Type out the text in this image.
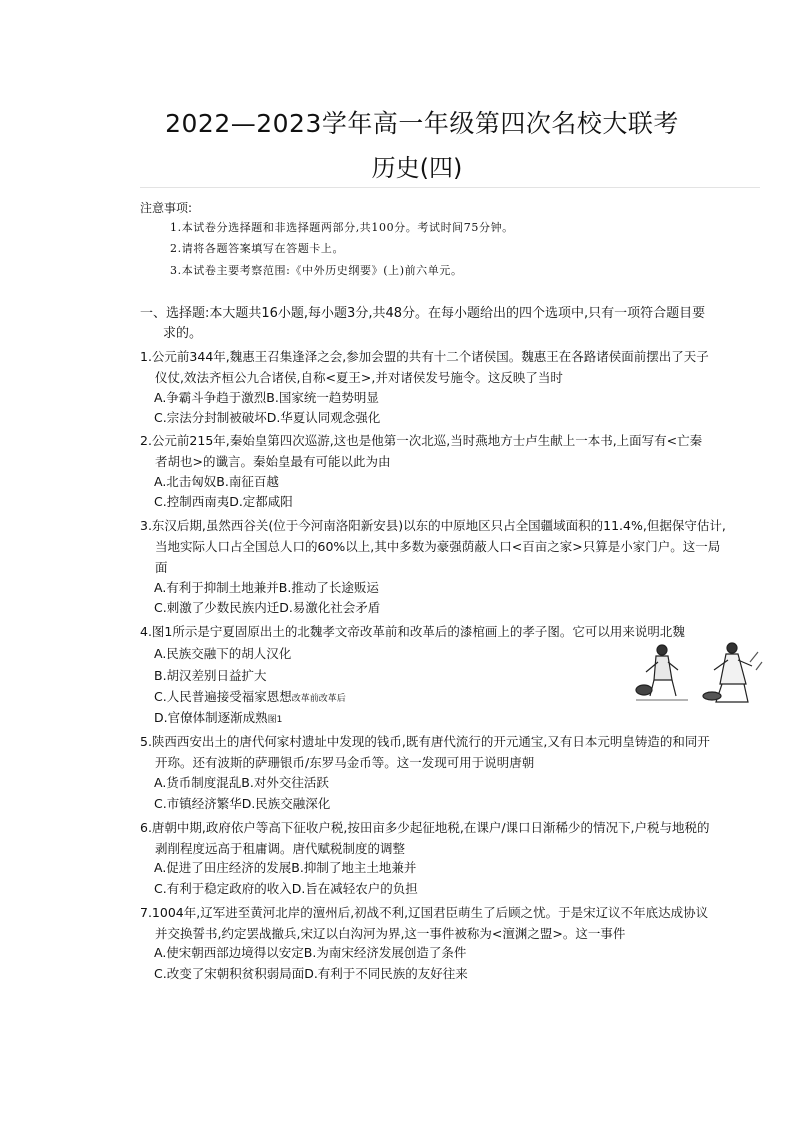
2022—2023学年高一年级第四次名校大联考
历史(四)
注意事项:
1.本试卷分选择题和非选择题两部分,共100分。考试时间75分钟。
2.请将各题答案填写在答题卡上。
3.本试卷主要考察范围:《中外历史纲要》(上)前六单元。
一、选择题:本大题共16小题,每小题3分,共48分。在每小题给出的四个选项中,只有一项符合题目要
求的。
1.公元前344年,魏惠王召集逢泽之会,参加会盟的共有十二个诸侯国。魏惠王在各路诸侯面前摆出了天子
仪仗,效法齐桓公九合诸侯,自称<夏王>,并对诸侯发号施令。这反映了当时
A.争霸斗争趋于激烈B.国家统一趋势明显
C.宗法分封制被破坏D.华夏认同观念强化
2.公元前215年,秦始皇第四次巡游,这也是他第一次北巡,当时燕地方士卢生献上一本书,上面写有<亡秦
者胡也>的谶言。秦始皇最有可能以此为由
A.北击匈奴B.南征百越
C.控制西南夷D.定都咸阳
3.东汉后期,虽然西谷关(位于今河南洛阳新安县)以东的中原地区只占全国疆域面积的11.4%,但据保守估计,
当地实际人口占全国总人口的60%以上,其中多数为豪强荫蔽人口<百亩之家>只算是小家门户。这一局
面
A.有利于抑制土地兼并B.推动了长途贩运
C.刺激了少数民族内迁D.易激化社会矛盾
4.图1所示是宁夏固原出土的北魏孝文帝改革前和改革后的漆棺画上的孝子图。它可以用来说明北魏
A.民族交融下的胡人汉化
B.胡汉差别日益扩大
C.人民普遍接受福家恩想改革前改革后
D.官僚体制逐渐成熟图1
5.陕西西安出土的唐代何家村遗址中发现的钱币,既有唐代流行的开元通宝,又有日本元明皇铸造的和同开
开珎。还有波斯的萨珊银币/东罗马金币等。这一发现可用于说明唐朝
A.货币制度混乱B.对外交往活跃
C.市镇经济繁华D.民族交融深化
6.唐朝中期,政府依户等高下征收户税,按田亩多少起征地税,在课户/课口日渐稀少的情况下,户税与地税的
剥削程度远高于租庸调。唐代赋税制度的调整
A.促进了田庄经济的发展B.抑制了地主土地兼并
C.有利于稳定政府的收入D.旨在减轻农户的负担
7.1004年,辽军进至黄河北岸的澶州后,初战不利,辽国君臣萌生了后顾之忧。于是宋辽议不年底达成协议
并交换誓书,约定罢战撤兵,宋辽以白沟河为界,这一事件被称为<澶渊之盟>。这一事件
A.使宋朝西部边境得以安定B.为南宋经济发展创造了条件
C.改变了宋朝积贫积弱局面D.有利于不同民族的友好往来
